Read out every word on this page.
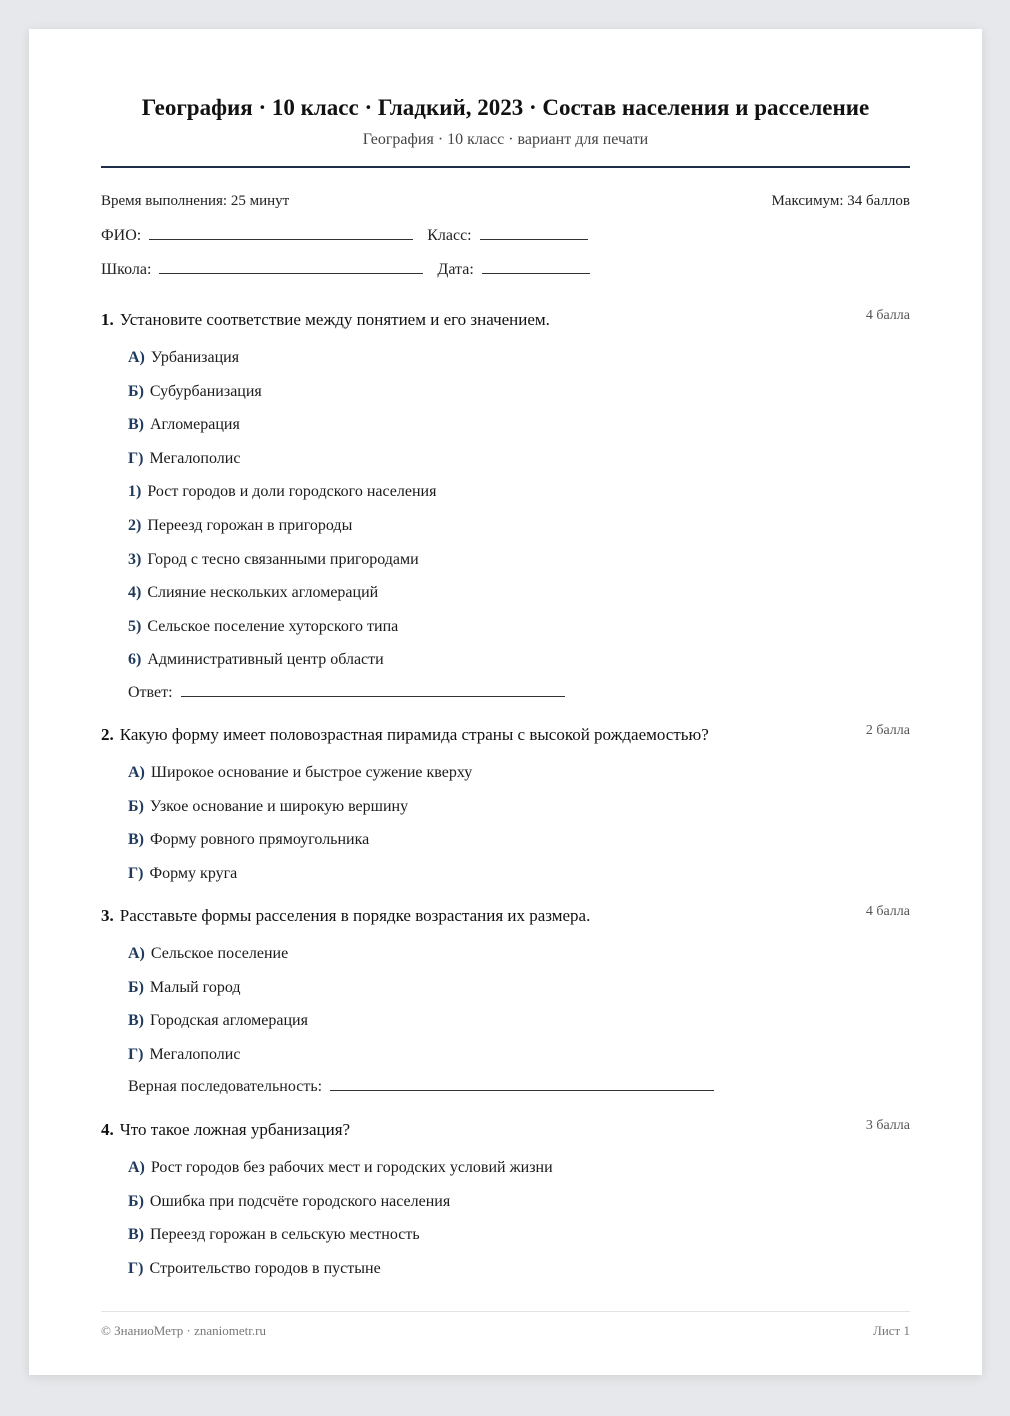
География · 10 класс · Гладкий, 2023 · Состав населения и расселение
География · 10 класс · вариант для печати
Время выполнения: 25 минут	Максимум: 34 баллов
ФИО:	Класс:
Школа:	Дата:
1. Установите соответствие между понятием и его значением.	4 балла
А) Урбанизация
Б) Субурбанизация
В) Агломерация
Г) Мегалополис
1) Рост городов и доли городского населения
2) Переезд горожан в пригороды
3) Город с тесно связанными пригородами
4) Слияние нескольких агломераций
5) Сельское поселение хуторского типа
6) Административный центр области
Ответ:
2. Какую форму имеет половозрастная пирамида страны с высокой рождаемостью?	2 балла
А) Широкое основание и быстрое сужение кверху
Б) Узкое основание и широкую вершину
В) Форму ровного прямоугольника
Г) Форму круга
3. Расставьте формы расселения в порядке возрастания их размера.	4 балла
А) Сельское поселение
Б) Малый город
В) Городская агломерация
Г) Мегалополис
Верная последовательность:
4. Что такое ложная урбанизация?	3 балла
А) Рост городов без рабочих мест и городских условий жизни
Б) Ошибка при подсчёте городского населения
В) Переезд горожан в сельскую местность
Г) Строительство городов в пустыне
© ЗнаниоМетр · znaniometr.ru	Лист 1
